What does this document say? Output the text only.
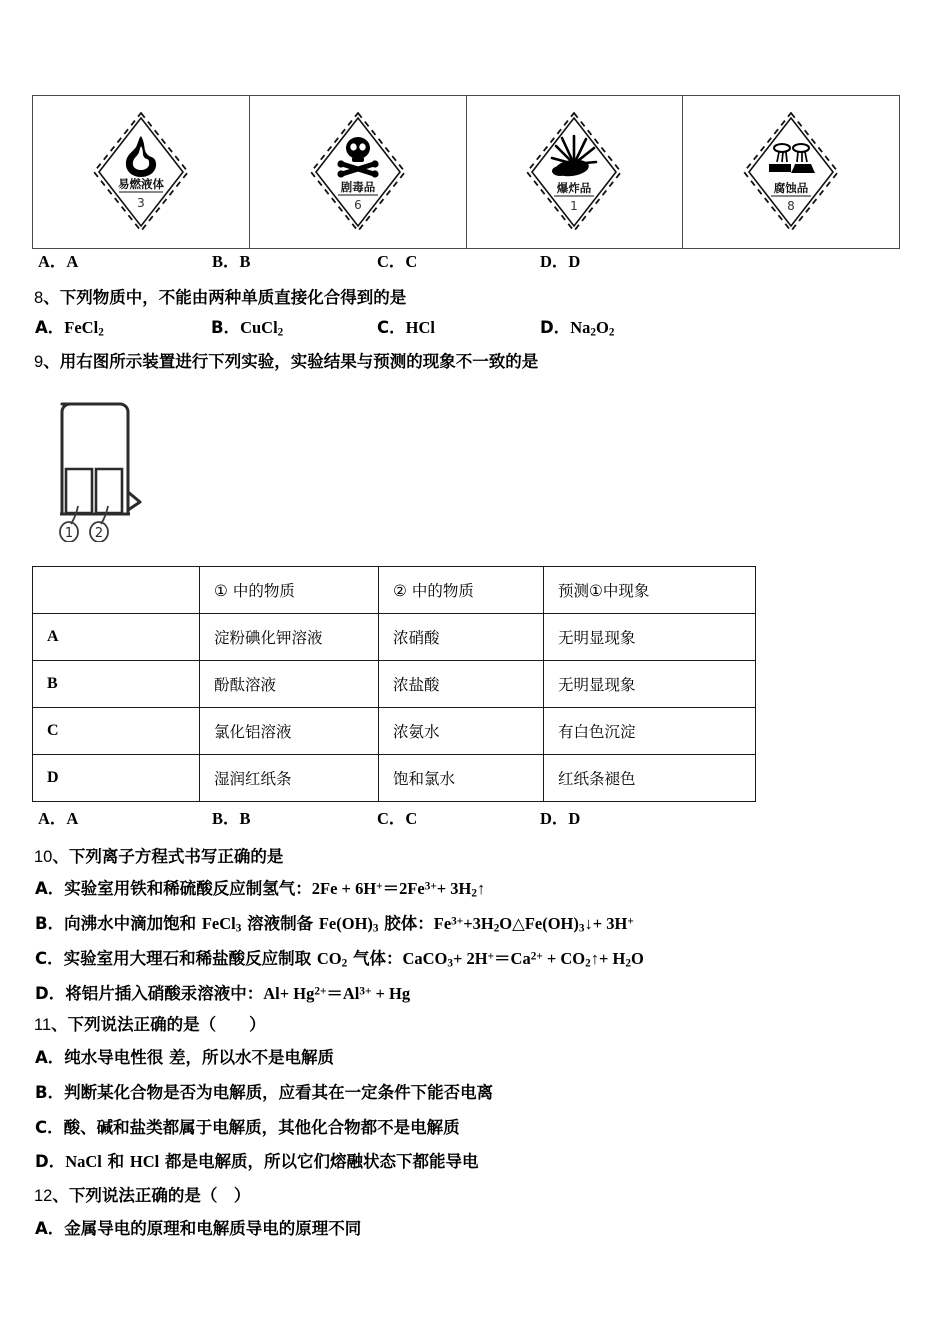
易燃液体
3

剧毒品
6

爆炸品
1

腐蚀品
8
A．A	B．B	C．C	D．D
8、下列物质中，不能由两种单质直接化合得到的是
A．FeCl$_2$	B．CuCl$_2$	C．HCl	D．$Na_2O_2$
9、用右图所示装置进行下列实验，实验结果与预测的现象不一致的是
1 2
	① 中的物质	② 中的物质	预测①中现象
A	淀粉碘化钾溶液	浓硝酸	无明显现象
B	酚酞溶液	浓盐酸	无明显现象
C	氯化铝溶液	浓氨水	有白色沉淀
D	湿润红纸条	饱和氯水	红纸条褪色
A．A	B．B	C．C	D．D
10、下列离子方程式书写正确的是
A．实验室用铁和稀硫酸反应制氢气：$2Fe + 6H^+=2Fe^{3+}+$ $3H_2↑$
B．向沸水中滴加饱和 FeCl$_3$ 溶液制备 $Fe(OH)_3$ 胶体：$Fe^{3+}+3H_2O\triangle Fe(OH)_3↓+ 3H^+$
C．实验室用大理石和稀盐酸反应制取 $CO_2$ 气体：CaCO$_3$+ $2H^+=Ca^{2+}$ + $CO_2↑+ H_2O$
D．将铝片插入硝酸汞溶液中：$Al+ Hg^{2+}=Al^{3+} + Hg$
11、下列说法正确的是（　　）
A．纯水导电性很 差，所以水不是电解质
B．判断某化合物是否为电解质，应看其在一定条件下能否电离
C．酸、碱和盐类都属于电解质，其他化合物都不是电解质
D．NaCl 和 HCl 都是电解质，所以它们熔融状态下都能导电
12、下列说法正确的是（　）
A．金属导电的原理和电解质导电的原理不同
